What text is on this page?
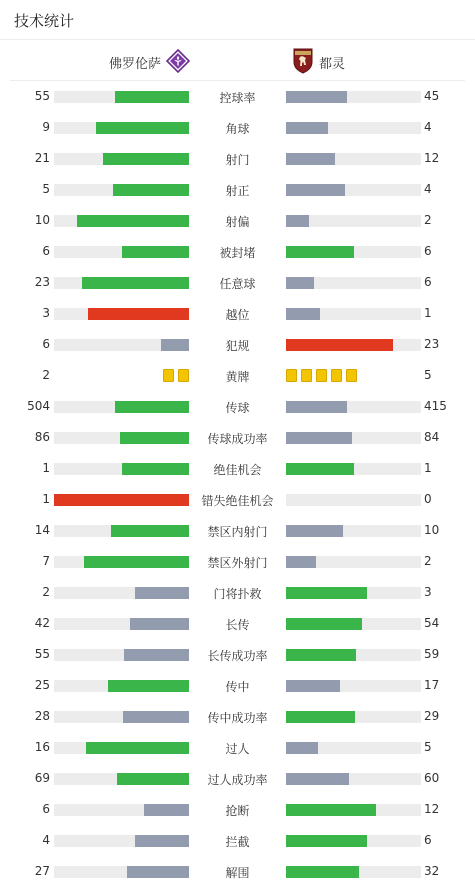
技术统计
佛罗伦萨	都灵
55	控球率	45
9	角球	4
21	射门	12
5	射正	4
10	射偏	2
6	被封堵	6
23	任意球	6
3	越位	1
6	犯规	23
2	黄牌	5
504	传球	415
86	传球成功率	84
1	绝佳机会	1
1	错失绝佳机会	0
14	禁区内射门	10
7	禁区外射门	2
2	门将扑救	3
42	长传	54
55	长传成功率	59
25	传中	17
28	传中成功率	29
16	过人	5
69	过人成功率	60
6	抢断	12
4	拦截	6
27	解围	32
